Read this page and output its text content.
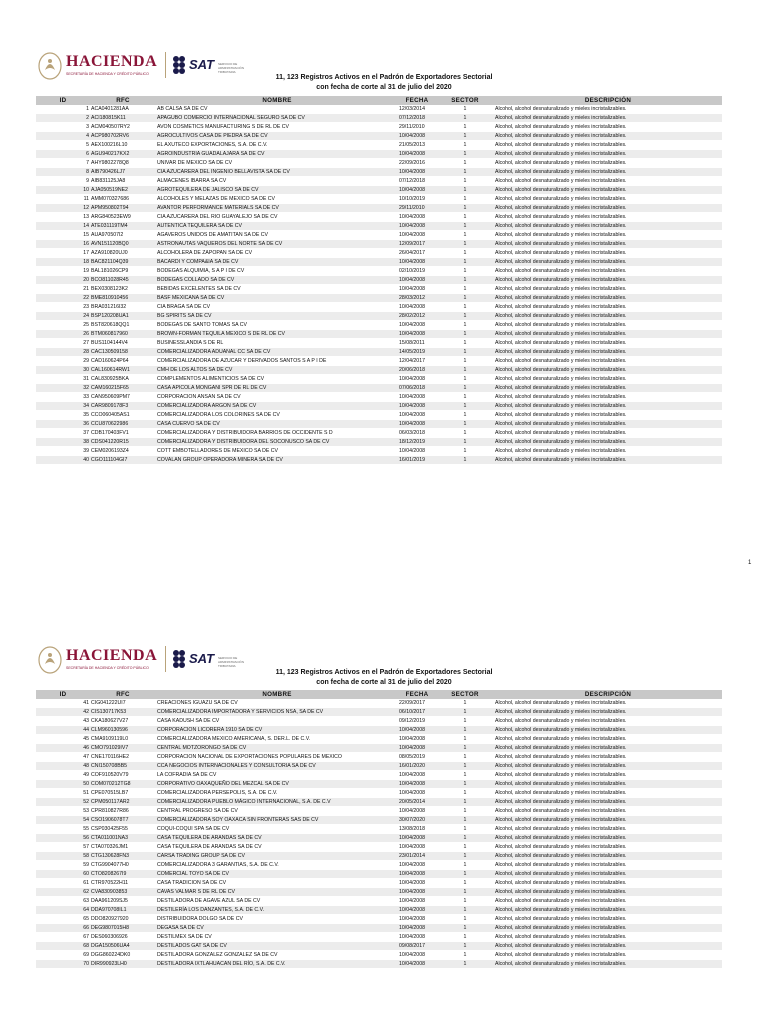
HACIENDA
SECRETARÍA DE HACIENDA Y CRÉDITO PÚBLICO
SAT SERVICIO DE ADMINISTRACIÓN TRIBUTARIA
11, 123 Registros Activos en el Padrón de Exportadores Sectorial
con fecha de corte al 31 de julio del 2020
ID	RFC	NOMBRE	FECHA	SECTOR	DESCRIPCIÓN
1	ACA0401281AA	AB CALSA SA DE CV	12/03/2014	1	Alcohol, alcohol desnaturalizado y mieles incristalizables.
2	ACI180815K11	APAGUBO COMERCIO INTERNACIONAL SEGURO SA DE CV	07/12/2018	1	Alcohol, alcohol desnaturalizado y mieles incristalizables.
3	ACM040507RY2	AVON COSMETICS MANUFACTURING S DE RL DE CV	29/11/2010	1	Alcohol, alcohol desnaturalizado y mieles incristalizables.
4	ACP980702RV6	AGROCULTIVOS CASA DE PIEDRA SA DE CV	10/04/2008	1	Alcohol, alcohol desnaturalizado y mieles incristalizables.
5	AEX100216L10	EL AXUTECO EXPORTACIONES, S.A. DE C.V.	21/05/2013	1	Alcohol, alcohol desnaturalizado y mieles incristalizables.
6	AGU940217KX2	AGROINDUSTRIA GUADALAJARA SA DE CV	10/04/2008	1	Alcohol, alcohol desnaturalizado y mieles incristalizables.
7	AHY9802278Q8	UNIVAR DE MEXICO SA DE CV	22/09/2016	1	Alcohol, alcohol desnaturalizado y mieles incristalizables.
8	AIB790426LJ7	CIA AZUCARERA DEL INGENIO BELLAVISTA SA DE CV	10/04/2008	1	Alcohol, alcohol desnaturalizado y mieles incristalizables.
9	AIB831125JA8	ALMACENES IBARRA SA CV	07/12/2018	1	Alcohol, alcohol desnaturalizado y mieles incristalizables.
10	AJA050519NE2	AGROTEQUILERA DE JALISCO SA DE CV	10/04/2008	1	Alcohol, alcohol desnaturalizado y mieles incristalizables.
11	AMM070327686	ALCOHOLES Y MELAZAS DE MEXICO SA DE CV	10/10/2019	1	Alcohol, alcohol desnaturalizado y mieles incristalizables.
12	APM950802T94	AVANTOR PERFORMANCE MATERIALS SA DE CV	29/11/2010	1	Alcohol, alcohol desnaturalizado y mieles incristalizables.
13	ARG840523EW9	CIA AZUCARERA DEL RIO GUAYALEJO SA DE CV	10/04/2008	1	Alcohol, alcohol desnaturalizado y mieles incristalizables.
14	ATE031119TM4	AUTENTICA TEQUILERA SA DE CV	10/04/2008	1	Alcohol, alcohol desnaturalizado y mieles incristalizables.
15	AUA970507I2	AGAVEROS UNIDOS DE AMATITAN SA DE CV	10/04/2008	1	Alcohol, alcohol desnaturalizado y mieles incristalizables.
16	AVN151120BQ0	ASTRONAUTAS VAQUEROS DEL NORTE SA DE CV	12/09/2017	1	Alcohol, alcohol desnaturalizado y mieles incristalizables.
17	AZA910820UJ0	ALCOHOLERA DE ZAPOPAN SA DE CV	26/04/2017	1	Alcohol, alcohol desnaturalizado y mieles incristalizables.
18	BAC821104Q39	BACARDI Y COMPA&IA SA DE CV	10/04/2008	1	Alcohol, alcohol desnaturalizado y mieles incristalizables.
19	BAL181026CP9	BODEGAS ALQUIMIA, S A P I DE CV	02/10/2019	1	Alcohol, alcohol desnaturalizado y mieles incristalizables.
20	BCO811028R45	BODEGAS COLLADO SA DE CV	10/04/2008	1	Alcohol, alcohol desnaturalizado y mieles incristalizables.
21	BEX0308123K2	BEBIDAS EXCELENTES SA DE CV	10/04/2008	1	Alcohol, alcohol desnaturalizado y mieles incristalizables.
22	BME810910456	BASF MEXICANA SA DE CV	28/03/2012	1	Alcohol, alcohol desnaturalizado y mieles incristalizables.
23	BRA031216I32	CIA BRAGA SA DE CV	10/04/2008	1	Alcohol, alcohol desnaturalizado y mieles incristalizables.
24	BSP120208UA1	BG SPIRITS SA DE CV	28/02/2012	1	Alcohol, alcohol desnaturalizado y mieles incristalizables.
25	BST820618QQ1	BODEGAS DE SANTO TOMAS SA CV	10/04/2008	1	Alcohol, alcohol desnaturalizado y mieles incristalizables.
26	BTM060817960	BROWN-FORMAN TEQUILA MEXICO S DE RL DE CV	10/04/2008	1	Alcohol, alcohol desnaturalizado y mieles incristalizables.
27	BUS1104144V4	BUSINESSLANDIA S DE RL	15/08/2011	1	Alcohol, alcohol desnaturalizado y mieles incristalizables.
28	CAC130509158	COMERCIALIZADORA ADUANAL CC SA DE CV	14/05/2019	1	Alcohol, alcohol desnaturalizado y mieles incristalizables.
29	CAD160624P64	COMERCIALIZADORA DE AZUCAR Y DERIVADOS SANTOS S A P I DE	12/04/2017	1	Alcohol, alcohol desnaturalizado y mieles incristalizables.
30	CAL160614RW1	CMH DE LOS ALTOS SA DE CV	20/06/2018	1	Alcohol, alcohol desnaturalizado y mieles incristalizables.
31	CAL830925BKA	COMPLEMENTOS ALIMENTICIOS SA DE CV	10/04/2008	1	Alcohol, alcohol desnaturalizado y mieles incristalizables.
32	CAM160215F65	CASA APICOLA MONGANI SPR DE RL DE CV	07/06/2018	1	Alcohol, alcohol desnaturalizado y mieles incristalizables.
33	CAN950609PM7	CORPORACION ANSAN SA DE CV	10/04/2008	1	Alcohol, alcohol desnaturalizado y mieles incristalizables.
34	CAR9809178F3	COMERCIALIZADORA ARGON SA DE CV	10/04/2008	1	Alcohol, alcohol desnaturalizado y mieles incristalizables.
35	CCO060405AS1	COMERCIALIZADORA LOS COLORINES SA DE CV	10/04/2008	1	Alcohol, alcohol desnaturalizado y mieles incristalizables.
36	CCU870622986	CASA CUERVO SA DE CV	10/04/2008	1	Alcohol, alcohol desnaturalizado y mieles incristalizables.
37	CDB170403FV1	COMERCIALIZADORA Y DISTRIBUIDORA BARRIOS DE OCCIDENTE S D	06/03/2018	1	Alcohol, alcohol desnaturalizado y mieles incristalizables.
38	CDS041220R15	COMERCIALIZADORA Y DISTRIBUIDORA DEL SOCONUSCO SA DE CV	18/12/2019	1	Alcohol, alcohol desnaturalizado y mieles incristalizables.
39	CEM0206193Z4	COTT EMBOTELLADORES DE MEXICO SA DE CV	10/04/2008	1	Alcohol, alcohol desnaturalizado y mieles incristalizables.
40	CGO111104GI7	COVALAN GROUP OPERADORA MINERA SA DE CV	16/01/2019	1	Alcohol, alcohol desnaturalizado y mieles incristalizables.
1
HACIENDA
SECRETARÍA DE HACIENDA Y CRÉDITO PÚBLICO
SAT SERVICIO DE ADMINISTRACIÓN TRIBUTARIA
11, 123 Registros Activos en el Padrón de Exportadores Sectorial
con fecha de corte al 31 de julio del 2020
ID	RFC	NOMBRE	FECHA	SECTOR	DESCRIPCIÓN
41	CIG041222UI7	CREACIONES IGUAZU SA DE CV	22/09/2017	1	Alcohol, alcohol desnaturalizado y mieles incristalizables.
42	CIS130717K53	COMERCIALIZADORA IMPORTADORA Y SERVICIOS NSA, SA DE CV	06/10/2017	1	Alcohol, alcohol desnaturalizado y mieles incristalizables.
43	CKA180627V27	CASA KADUSH SA DE CV	09/12/2019	1	Alcohol, alcohol desnaturalizado y mieles incristalizables.
44	CLM960130596	CORPORACION LICORERA 1910 SA DE CV	10/04/2008	1	Alcohol, alcohol desnaturalizado y mieles incristalizables.
45	CMA9109119L0	COMERCIALIZADORA MEXICO AMERICANA, S. DER.L. DE C.V.	10/04/2008	1	Alcohol, alcohol desnaturalizado y mieles incristalizables.
46	CMO791029IV7	CENTRAL MOTZORONGO SA DE CV	10/04/2008	1	Alcohol, alcohol desnaturalizado y mieles incristalizables.
47	CNE170116HE2	CORPORACION NACIONAL DE EXPORTACIONES POPULARES DE MEXICO	08/05/2019	1	Alcohol, alcohol desnaturalizado y mieles incristalizables.
48	CNI150708BB5	CCA NEGOCIOS INTERNACIONALES Y CONSULTORIA SA DE CV	16/01/2020	1	Alcohol, alcohol desnaturalizado y mieles incristalizables.
49	COF910520V79	LA COFRADIA SA DE CV	10/04/2008	1	Alcohol, alcohol desnaturalizado y mieles incristalizables.
50	COM070212TG8	CORPORATIVO OAXAQUEÑO DEL MEZCAL SA DE CV	10/04/2008	1	Alcohol, alcohol desnaturalizado y mieles incristalizables.
51	CPE070515LB7	COMERCIALIZADORA PERSEPOLIS, S.A. DE C.V.	10/04/2008	1	Alcohol, alcohol desnaturalizado y mieles incristalizables.
52	CPM050117AR2	COMERCIALIZADORA PUEBLO MÁGICO INTERNACIONAL, S.A. DE C.V	20/05/2014	1	Alcohol, alcohol desnaturalizado y mieles incristalizables.
53	CPR810827R86	CENTRAL PROGRESO SA DE CV	10/04/2008	1	Alcohol, alcohol desnaturalizado y mieles incristalizables.
54	CSO1906078T7	COMERCIALIZADORA SOY OAXACA SIN FRONTERAS SAS DE CV	30/07/2020	1	Alcohol, alcohol desnaturalizado y mieles incristalizables.
55	CSP030425F55	COQUI-COQUI SPA SA DE CV	13/08/2018	1	Alcohol, alcohol desnaturalizado y mieles incristalizables.
56	CTA011001NA3	CASA TEQUILERA DE ARANDAS SA DE CV	10/04/2008	1	Alcohol, alcohol desnaturalizado y mieles incristalizables.
57	CTA070326JM1	CASA TEQUILERA DE ARANDAS SA DE CV	10/04/2008	1	Alcohol, alcohol desnaturalizado y mieles incristalizables.
58	CTG130628FN3	CARSA TRADING GROUP SA DE CV	23/01/2014	1	Alcohol, alcohol desnaturalizado y mieles incristalizables.
59	CTG9904077H0	COMERCIALIZADORA 3 GARANTIAS, S.A. DE C.V.	10/04/2008	1	Alcohol, alcohol desnaturalizado y mieles incristalizables.
60	CTO8208267I9	COMERCIAL TOYO SA DE CV	10/04/2008	1	Alcohol, alcohol desnaturalizado y mieles incristalizables.
61	CTR970522H11	CASA TRADICION SA DE CV	10/04/2008	1	Alcohol, alcohol desnaturalizado y mieles incristalizables.
62	CVA830903853	CAVAS VALMAR S DE RL DE CV	10/04/2008	1	Alcohol, alcohol desnaturalizado y mieles incristalizables.
63	DAA961209SJ5	DESTILADORA DE AGAVE AZUL SA DE CV	10/04/2008	1	Alcohol, alcohol desnaturalizado y mieles incristalizables.
64	DDA970708IL1	DESTILERÍA LOS DANZANTES, S.A. DE C.V.	10/04/2008	1	Alcohol, alcohol desnaturalizado y mieles incristalizables.
65	DDO820927920	DISTRIBUIDORA DOLGO SA DE CV	10/04/2008	1	Alcohol, alcohol desnaturalizado y mieles incristalizables.
66	DEG9807015H8	DEGASA SA DE CV	10/04/2008	1	Alcohol, alcohol desnaturalizado y mieles incristalizables.
67	DES060306926	DESTILMEX SA DE CV	10/04/2008	1	Alcohol, alcohol desnaturalizado y mieles incristalizables.
68	DGA150506UA4	DESTILADOS GAT SA DE CV	09/08/2017	1	Alcohol, alcohol desnaturalizado y mieles incristalizables.
69	DGG860224DK0	DESTILADORA GONZALEZ GONZALEZ SA DE CV	10/04/2008	1	Alcohol, alcohol desnaturalizado y mieles incristalizables.
70	DIR990923LH0	DESTILADORA IXTLAHUACAN DEL RÍO, S.A. DE C.V.	10/04/2008	1	Alcohol, alcohol desnaturalizado y mieles incristalizables.
